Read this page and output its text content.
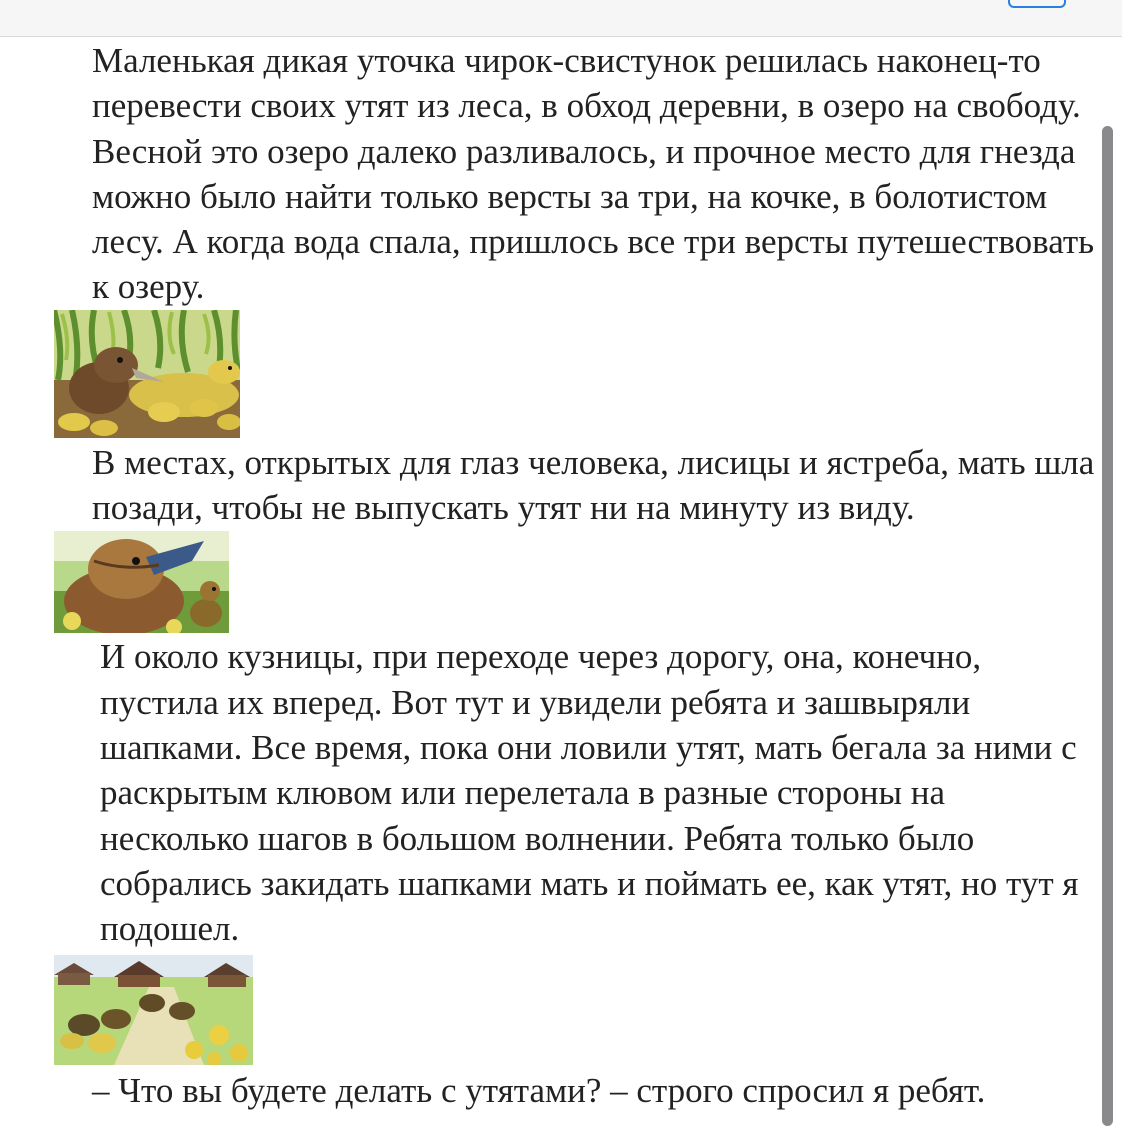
Маленькая дикая уточка чирок-свистунок решилась наконец-то перевести своих утят из леса, в обход деревни, в озеро на свободу. Весной это озеро далеко разливалось, и прочное место для гнезда можно было найти только версты за три, на кочке, в болотистом лесу. А когда вода спала, пришлось все три версты путешествовать к озеру.

В местах, открытых для глаз человека, лисицы и ястреба, мать шла позади, чтобы не выпускать утят ни на минуту из виду.

И около кузницы, при переходе через дорогу, она, конечно, пустила их вперед. Вот тут и увидели ребята и зашвыряли шапками. Все время, пока они ловили утят, мать бегала за ними с раскрытым клювом или перелетала в разные стороны на несколько шагов в большом волнении. Ребята только было собрались закидать шапками мать и поймать ее, как утят, но тут я подошел.

– Что вы будете делать с утятами? – строго спросил я ребят.
